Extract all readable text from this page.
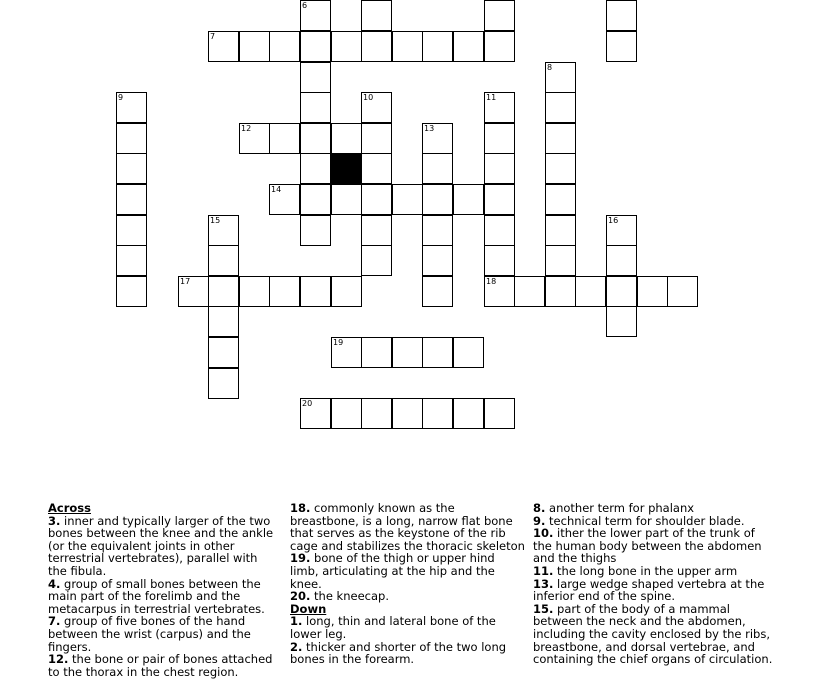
6
7
8
9	10	11
12	13
14
15	16
17	18
19
20
Across

3. inner and typically larger of the two bones between the knee and the ankle (or the equivalent joints in other terrestrial vertebrates), parallel with the fibula.

4. group of small bones between the main part of the forelimb and the metacarpus in terrestrial vertebrates.

7. group of five bones of the hand between the wrist (carpus) and the fingers.

12. the bone or pair of bones attached to the thorax in the chest region.

18. commonly known as the breastbone, is a long, narrow flat bone that serves as the keystone of the rib cage and stabilizes the thoracic skeleton

19. bone of the thigh or upper hind limb, articulating at the hip and the knee.

20. the kneecap.

Down

1. long, thin and lateral bone of the lower leg.

2. thicker and shorter of the two long bones in the forearm.

8. another term for phalanx

9. technical term for shoulder blade.

10. ither the lower part of the trunk of the human body between the abdomen and the thighs

11. the long bone in the upper arm

13. large wedge shaped vertebra at the inferior end of the spine.

15. part of the body of a mammal between the neck and the abdomen, including the cavity enclosed by the ribs, breastbone, and dorsal vertebrae, and containing the chief organs of circulation.
